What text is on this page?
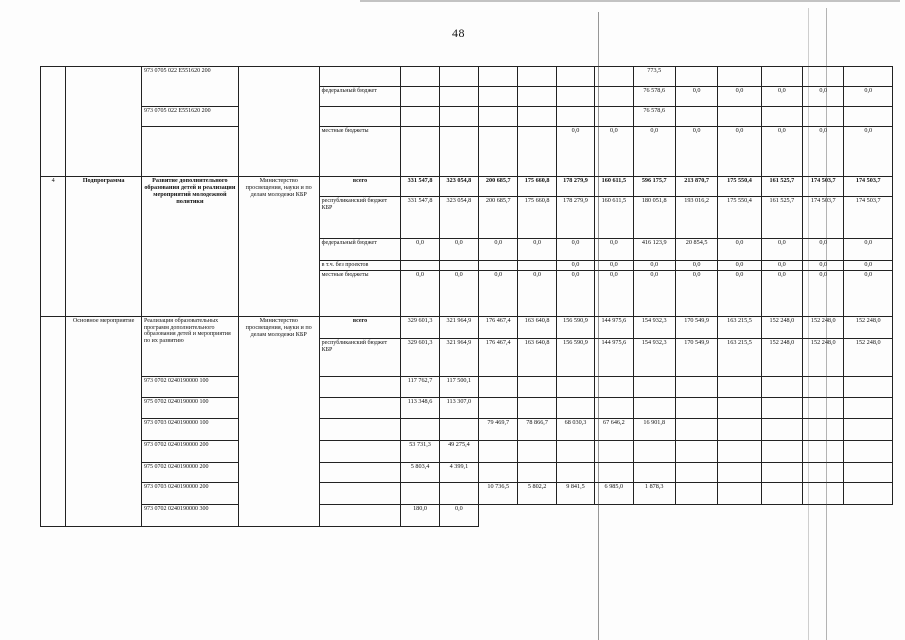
48
		973 0705 022 E551620 200									773,5					
				федеральный бюджет							76 578,6	0,0	0,0	0,0	0,0	0,0
		973 0705 022 E551620 200									76 578,6					
				местные бюджеты					0,0	0,0	0,0	0,0	0,0	0,0	0,0	0,0
4	Подпрограмма	Развитие дополнительного образования детей и реализации мероприятий молодежной политики	Министерство просвещения, науки и по делам молодежи КБР	всего	331 547,8	323 054,8	200 685,7	175 660,8	178 279,9	160 611,5	596 175,7	213 870,7	175 550,4	161 525,7	174 503,7	174 503,7
				республиканский бюджет КБР	331 547,8	323 054,8	200 685,7	175 660,8	178 279,9	160 611,5	180 051,8	193 016,2	175 550,4	161 525,7	174 503,7	174 503,7
				федеральный бюджет	0,0	0,0	0,0	0,0	0,0	0,0	416 123,9	20 854,5	0,0	0,0	0,0	0,0
				в т.ч. без проектов					0,0	0,0	0,0	0,0	0,0	0,0	0,0	0,0
				местные бюджеты	0,0	0,0	0,0	0,0	0,0	0,0	0,0	0,0	0,0	0,0	0,0	0,0
	Основное мероприятие	Реализация образовательных программ дополнительного образования детей и мероприятия по их развитию	Министерство просвещения, науки и по делам молодежи КБР	всего	329 601,3	321 964,9	176 467,4	163 640,8	156 590,9	144 975,6	154 932,3	170 549,9	163 215,5	152 248,0	152 248,0	152 248,0
				республиканский бюджет КБР	329 601,3	321 964,9	176 467,4	163 640,8	156 590,9	144 975,6	154 932,3	170 549,9	163 215,5	152 248,0	152 248,0	152 248,0
		973 0702 0240190000 100			117 762,7	117 500,1										
		975 0702 0240190000 100			113 348,6	113 307,0										
		973 0703 0240190000 100					79 469,7	78 866,7	68 030,3	67 646,2	16 901,8					
		973 0702 0240190000 200			53 731,3	49 275,4										
		975 0702 0240190000 200			5 803,4	4 399,1										
		973 0703 0240190000 200					10 736,5	5 802,2	9 841,5	6 985,0	1 878,3					
		973 0702 0240190000 300			180,0	0,0										
